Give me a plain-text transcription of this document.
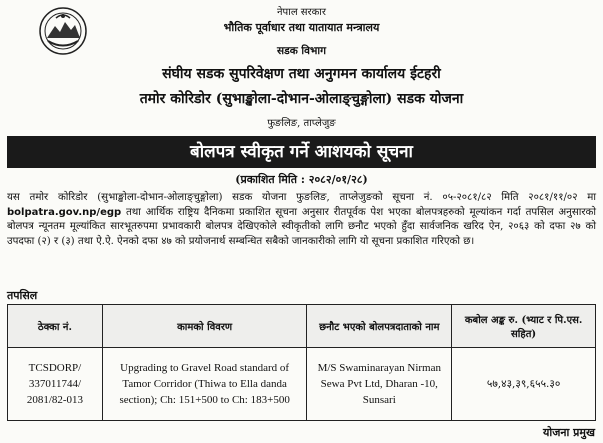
नेपाल सरकार
भौतिक पूर्वाधार तथा यातायात मन्त्रालय
सडक विभाग
संघीय सडक सुपरिवेक्षण तथा अनुगमन कार्यालय ईटहरी
तमोर कोरिडोर (सुभाङ्खोला-दोभान-ओलाङ्चुङ्गोला) सडक योजना
फुङलिङ, ताप्लेजुङ
बोलपत्र स्वीकृत गर्ने आशयको सूचना
(प्रकाशित मिति : २०८२/०१/२८)
यस तमोर कोरिडोर (सुभाङ्खोला-दोभान-ओलाङ्चुङ्गोला) सडक योजना फुङलिङ, ताप्लेजुङको सूचना नं. ०५-२०८१/८२ मिति २०८१/११/०२ मा bolpatra.gov.np/egp तथा आर्थिक राष्ट्रिय दैनिकमा प्रकाशित सूचना अनुसार रीतपूर्वक पेश भएका बोलपत्रहरुको मूल्यांकन गर्दा तपसिल अनुसारको बोलपत्र न्यूनतम मूल्यांकित सारभूतरुपमा प्रभावकारी बोलपत्र देखिएकोले स्वीकृतीको लागि छनौट भएको हुँदा सार्वजनिक खरिद ऐन, २०६३ को दफा २७ को उपदफा (२) र (३) तथा ऐ.ऐ. ऐनको दफा ४७ को प्रयोजनार्थ सम्बन्धित सबैको जानकारीको लागि यो सूचना प्रकाशित गरिएको छ।
तपसिल
ठेक्का नं.	कामको विवरण	छनौट भएको बोलपत्रदाताको नाम	कबोल अङ्क रु. (भ्याट र पि.एस. सहित)
TCSDORP/ 337011744/ 2081/82-013	Upgrading to Gravel Road standard of Tamor Corridor (Thiwa to Ella danda section); Ch: 151+500 to Ch: 183+500	M/S Swaminarayan Nirman Sewa Pvt Ltd, Dharan -10, Sunsari	५७,४३,३९,६५५.३०
योजना प्रमुख
